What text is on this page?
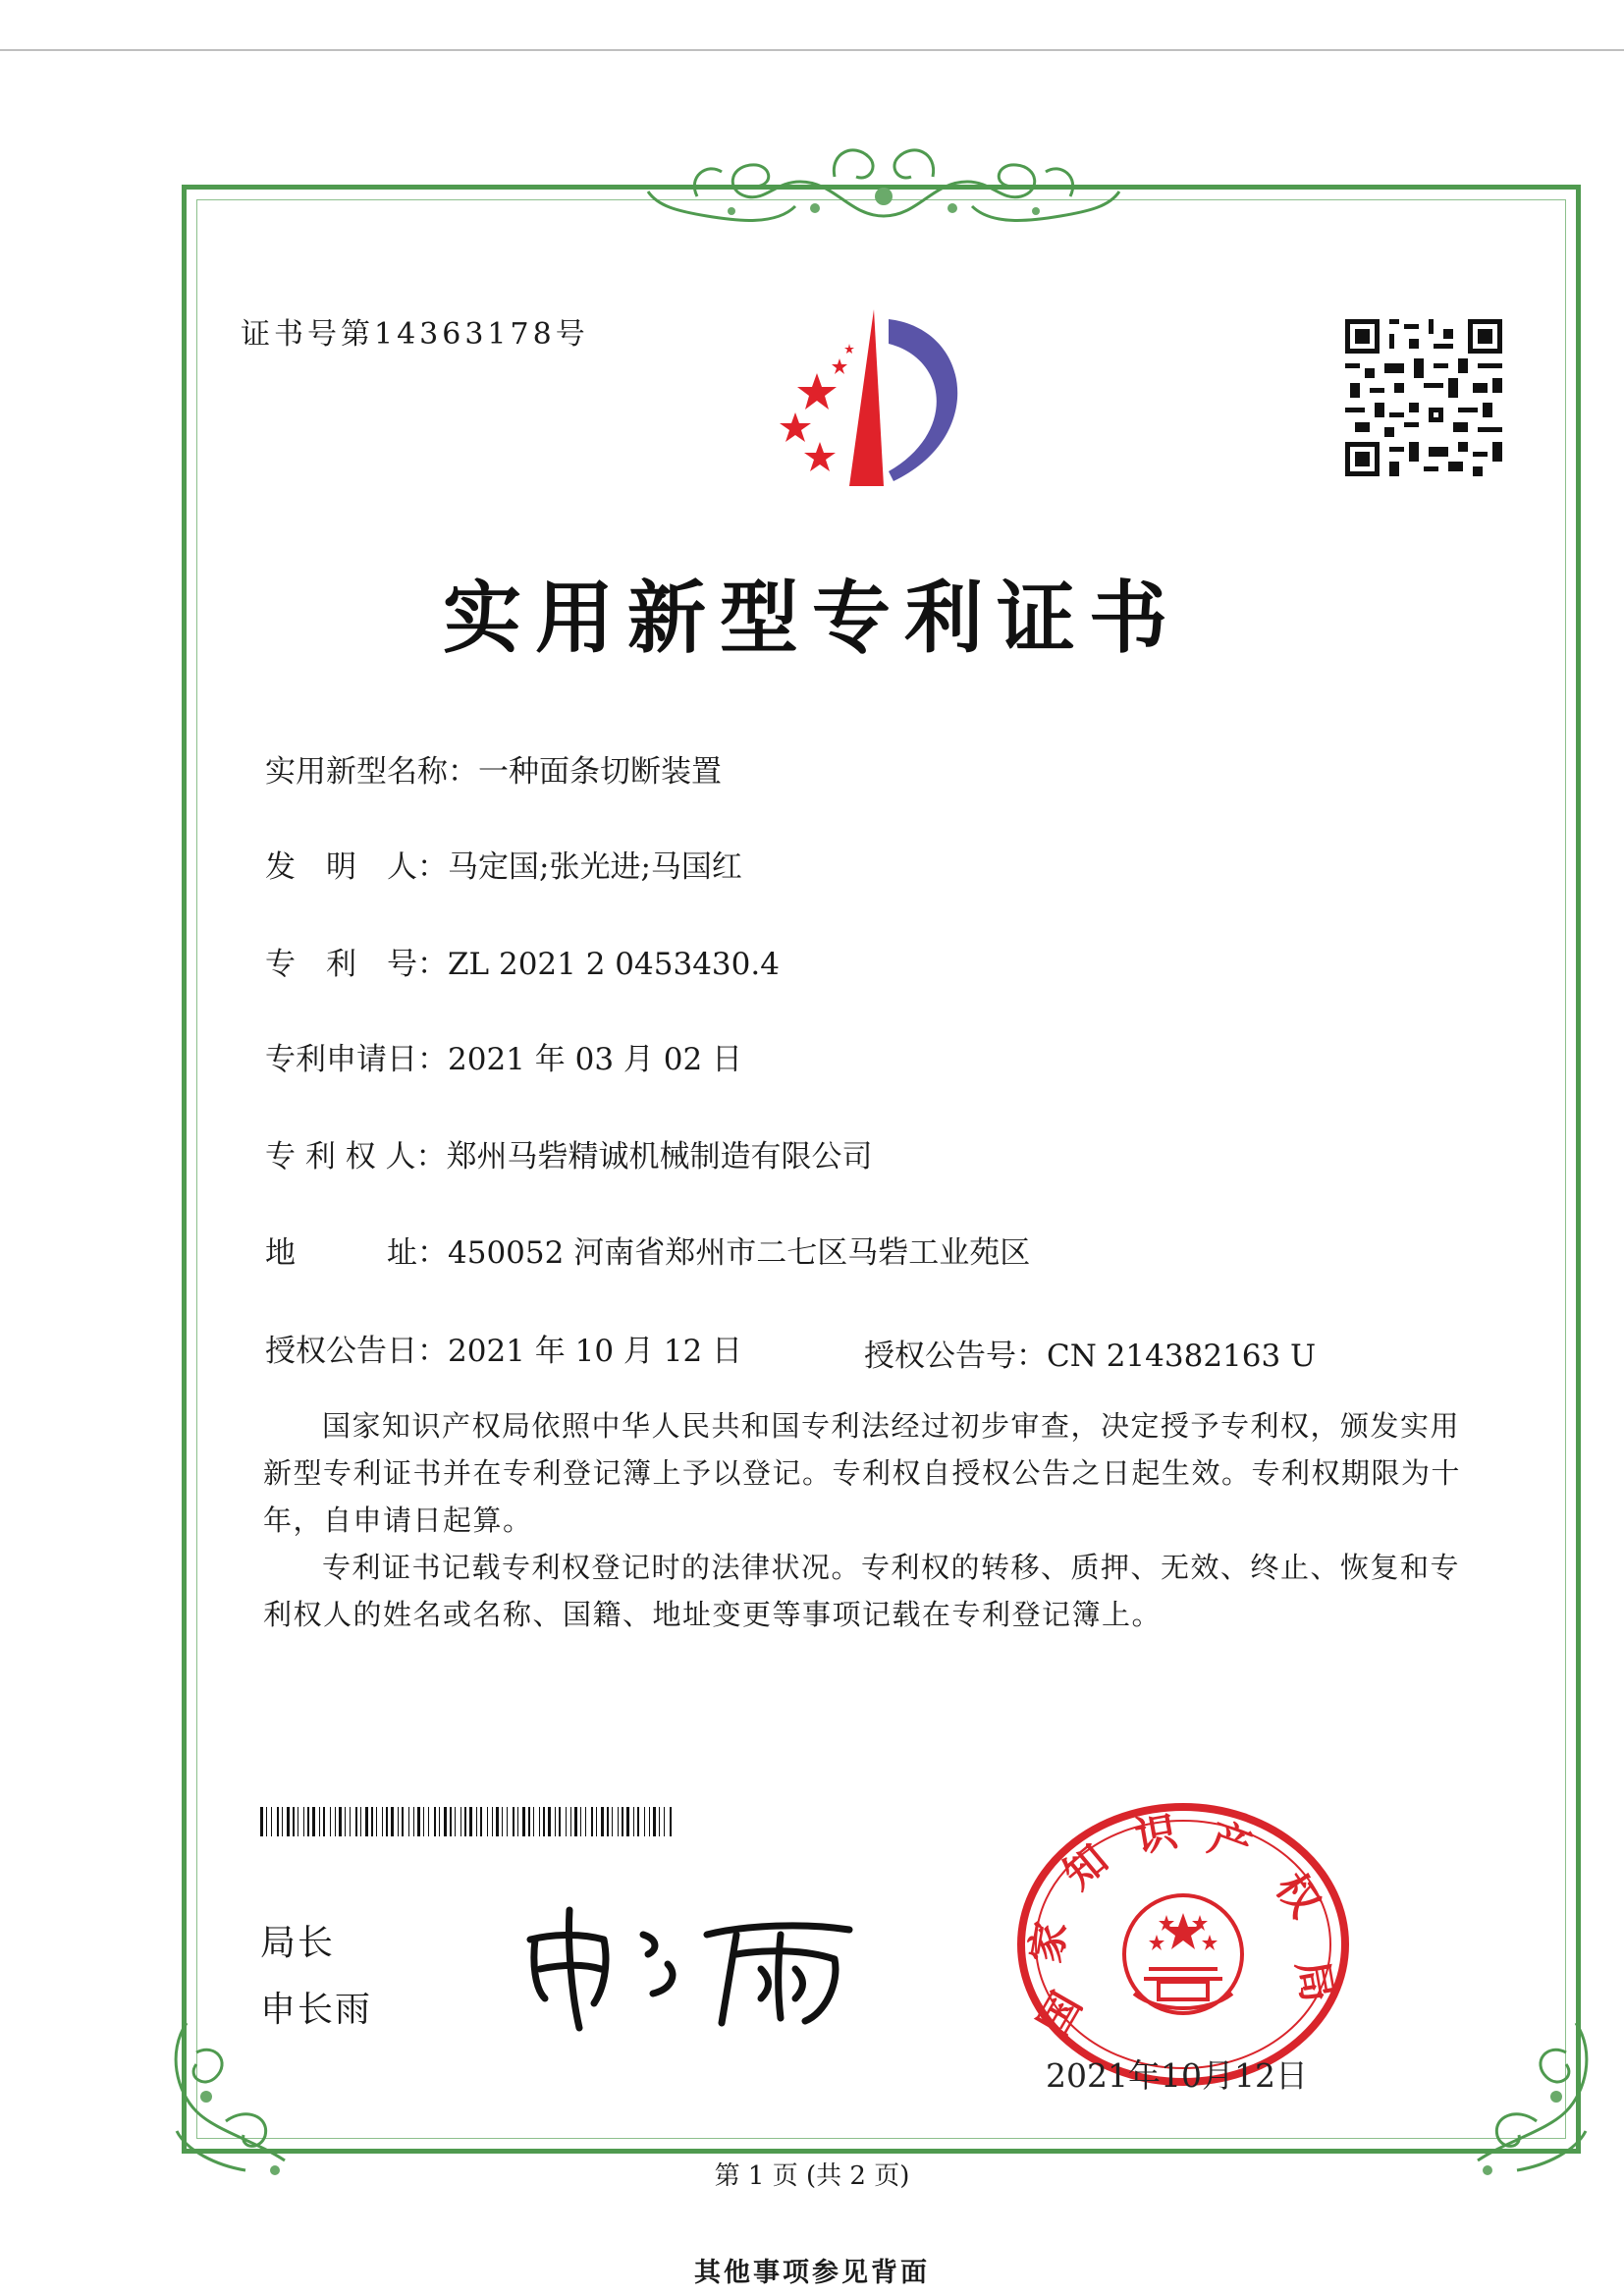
证书号第14363178号
实用新型专利证书
实用新型名称：一种面条切断装置
发　明　人：马定国;张光进;马国红
专　利　号：ZL 2021 2 0453430.4
专利申请日：2021 年 03 月 02 日
专 利 权 人：郑州马砦精诚机械制造有限公司
地　　　址：450052 河南省郑州市二七区马砦工业苑区
授权公告日：2021 年 10 月 12 日	授权公告号：CN 214382163 U
国家知识产权局依照中华人民共和国专利法经过初步审查，决定授予专利权，颁发实用新型专利证书并在专利登记簿上予以登记。专利权自授权公告之日起生效。专利权期限为十年，自申请日起算。
专利证书记载专利权登记时的法律状况。专利权的转移、质押、无效、终止、恢复和专利权人的姓名或名称、国籍、地址变更等事项记载在专利登记簿上。
局长
申长雨	国
家
知
识 产
权
局
2021年10月12日
第 1 页 (共 2 页)
其他事项参见背面
